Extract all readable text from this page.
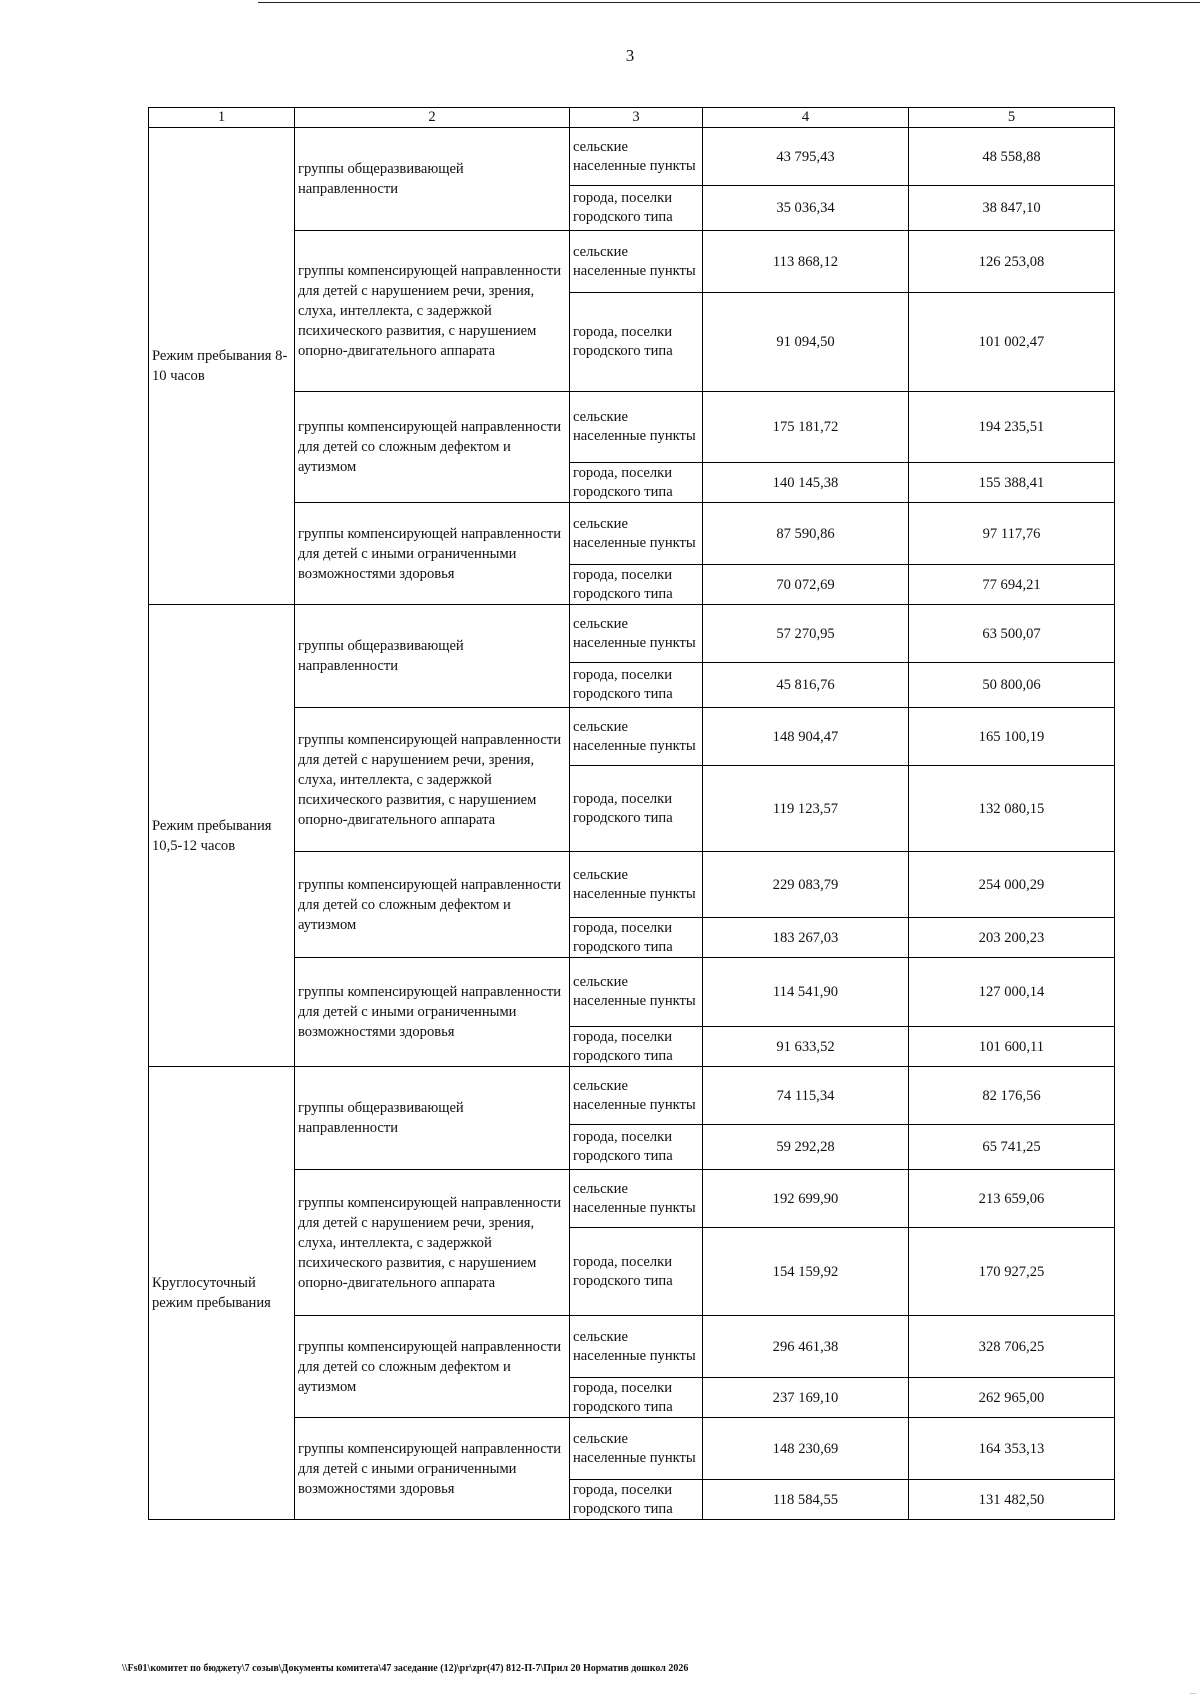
3
1	2	3	4	5
Режим пребывания 8-10 часов	группы общеразвивающей направленности	сельские населенные пункты	43 795,43	48 558,88
		города, поселки городского типа	35 036,34	38 847,10
	группы компенсирующей направленности для детей с нарушением речи, зрения, слуха, интеллекта, с задержкой психического развития, с нарушением опорно-двигательного аппарата	сельские населенные пункты	113 868,12	126 253,08
		города, поселки городского типа	91 094,50	101 002,47
	группы компенсирующей направленности для детей со сложным дефектом и аутизмом	сельские населенные пункты	175 181,72	194 235,51
		города, поселки городского типа	140 145,38	155 388,41
	группы компенсирующей направленности для детей с иными ограниченными возможностями здоровья	сельские населенные пункты	87 590,86	97 117,76
		города, поселки городского типа	70 072,69	77 694,21
Режим пребывания 10,5-12 часов	группы общеразвивающей направленности	сельские населенные пункты	57 270,95	63 500,07
		города, поселки городского типа	45 816,76	50 800,06
	группы компенсирующей направленности для детей с нарушением речи, зрения, слуха, интеллекта, с задержкой психического развития, с нарушением опорно-двигательного аппарата	сельские населенные пункты	148 904,47	165 100,19
		города, поселки городского типа	119 123,57	132 080,15
	группы компенсирующей направленности для детей со сложным дефектом и аутизмом	сельские населенные пункты	229 083,79	254 000,29
		города, поселки городского типа	183 267,03	203 200,23
	группы компенсирующей направленности для детей с иными ограниченными возможностями здоровья	сельские населенные пункты	114 541,90	127 000,14
		города, поселки городского типа	91 633,52	101 600,11
Круглосуточный режим пребывания	группы общеразвивающей направленности	сельские населенные пункты	74 115,34	82 176,56
		города, поселки городского типа	59 292,28	65 741,25
	группы компенсирующей направленности для детей с нарушением речи, зрения, слуха, интеллекта, с задержкой психического развития, с нарушением опорно-двигательного аппарата	сельские населенные пункты	192 699,90	213 659,06
		города, поселки городского типа	154 159,92	170 927,25
	группы компенсирующей направленности для детей со сложным дефектом и аутизмом	сельские населенные пункты	296 461,38	328 706,25
		города, поселки городского типа	237 169,10	262 965,00
	группы компенсирующей направленности для детей с иными ограниченными возможностями здоровья	сельские населенные пункты	148 230,69	164 353,13
		города, поселки городского типа	118 584,55	131 482,50
\\Fs01\комитет по бюджету\7 созыв\Документы комитета\47 заседание (12)\pr\zpr(47) 812-П-7\Прил 20 Норматив дошкол 2026
...
